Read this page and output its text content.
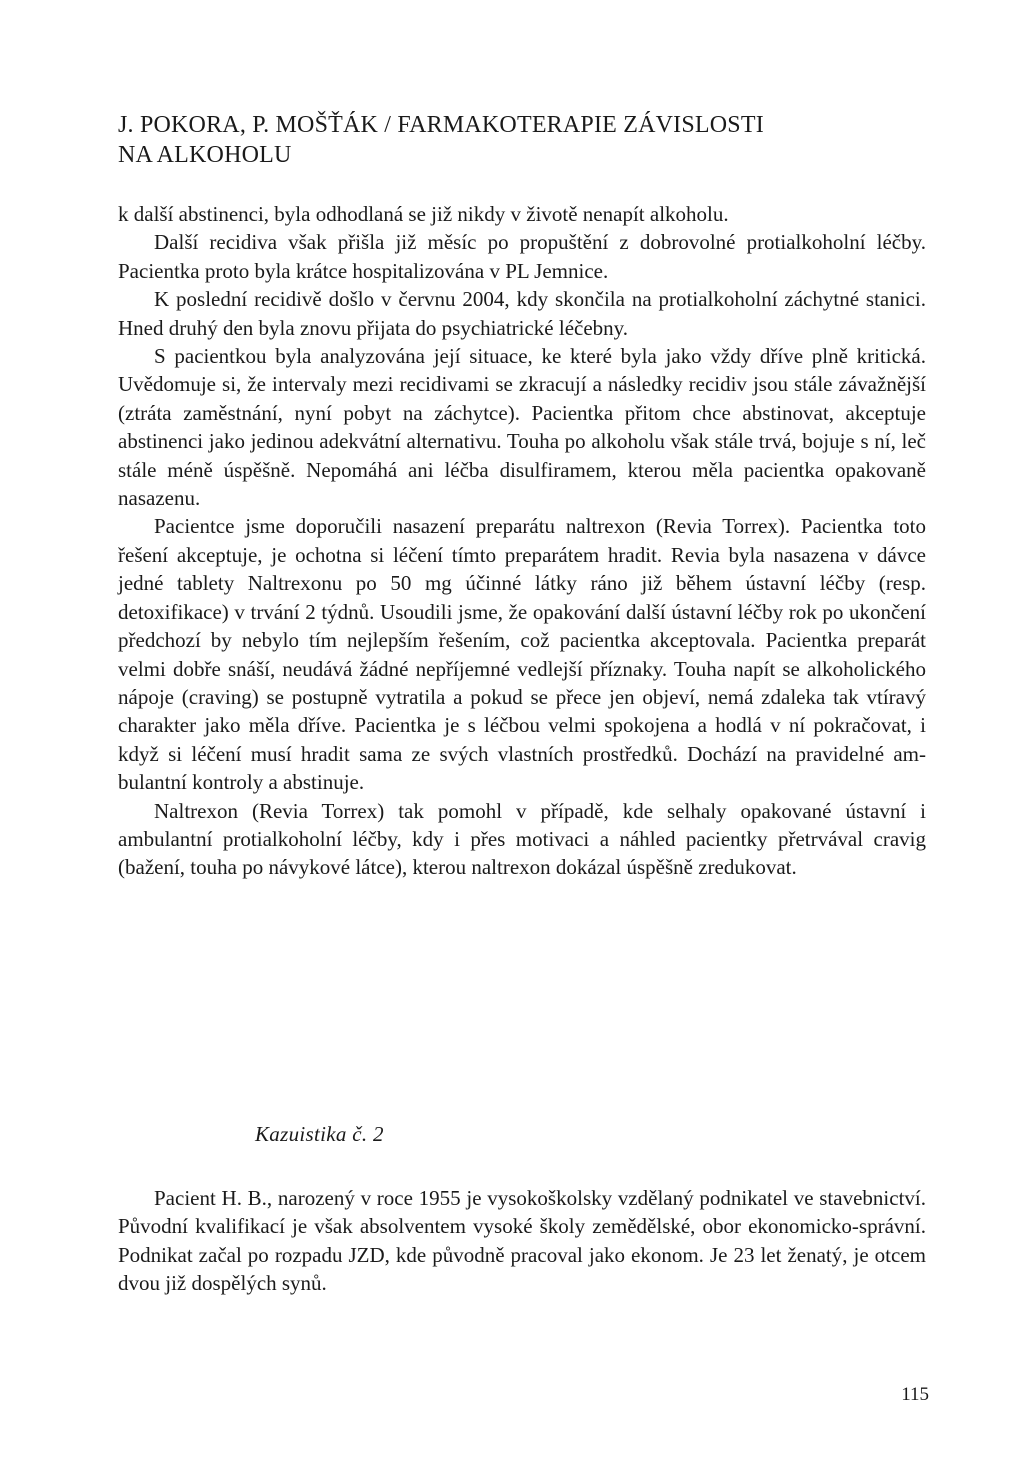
J. POKORA, P. MOŠŤÁK / FARMAKOTERAPIE ZÁVISLOSTI
NA ALKOHOLU

k další abstinenci, byla odhodlaná se již nikdy v životě nenapít alkoholu.

Další recidiva však přišla již měsíc po propuštění z dobrovolné protialkoholní léčby. Pacientka proto byla krátce hospitalizována v PL Jemnice.

K poslední recidivě došlo v červnu 2004, kdy skončila na protialkoholní záchytné stanici. Hned druhý den byla znovu přijata do psychiatrické léčebny.

S pacientkou byla analyzována její situace, ke které byla jako vždy dříve plně kritická. Uvědomuje si, že intervaly mezi recidivami se zkracují a následky recidiv jsou stále závažnější (ztráta zaměstnání, nyní pobyt na záchytce). Pacientka přitom chce abstinovat, akceptuje abstinenci jako jedinou adekvátní alternativu. Touha po alkoholu však stále trvá, bojuje s ní, leč stále méně úspěšně. Nepomáhá ani léčba disulfiramem, kterou měla pacientka opakovaně nasazenu.

Pacientce jsme doporučili nasazení preparátu naltrexon (Revia Torrex). Pacientka toto řešení akceptuje, je ochotna si léčení tímto preparátem hradit. Revia byla nasazena v dávce jedné tablety Naltrexonu po 50 mg účinné látky ráno již během ústavní léčby (resp. detoxifikace) v trvání 2 týdnů. Usoudili jsme, že opakování další ústavní léčby rok po ukončení předchozí by nebylo tím nejlepším řešením, což pacientka akceptovala. Pacientka preparát velmi dobře snáší, neudává žádné nepříjemné vedlejší příznaky. Touha napít se alkoholického nápoje (craving) se postupně vytratila a pokud se přece jen objeví, nemá zdaleka tak vtíravý charakter jako měla dříve. Pacientka je s léčbou velmi spokojena a hodlá v ní pokračovat, i když si léčení musí hradit sama ze svých vlastních prostředků. Dochází na pravidelné ambulantní kontroly a abstinuje.

Naltrexon (Revia Torrex) tak pomohl v případě, kde selhaly opakované ústavní i ambulantní protialkoholní léčby, kdy i přes motivaci a náhled pacientky přetrvával cravig (bažení, touha po návykové látce), kterou naltrexon dokázal úspěšně zredukovat.

Kazuistika č. 2

Pacient H. B., narozený v roce 1955 je vysokoškolsky vzdělaný podnikatel ve stavebnictví. Původní kvalifikací je však absolventem vysoké školy zemědělské, obor ekonomicko-správní. Podnikat začal po rozpadu JZD, kde původně pracoval jako ekonom. Je 23 let ženatý, je otcem dvou již dospělých synů.

115
